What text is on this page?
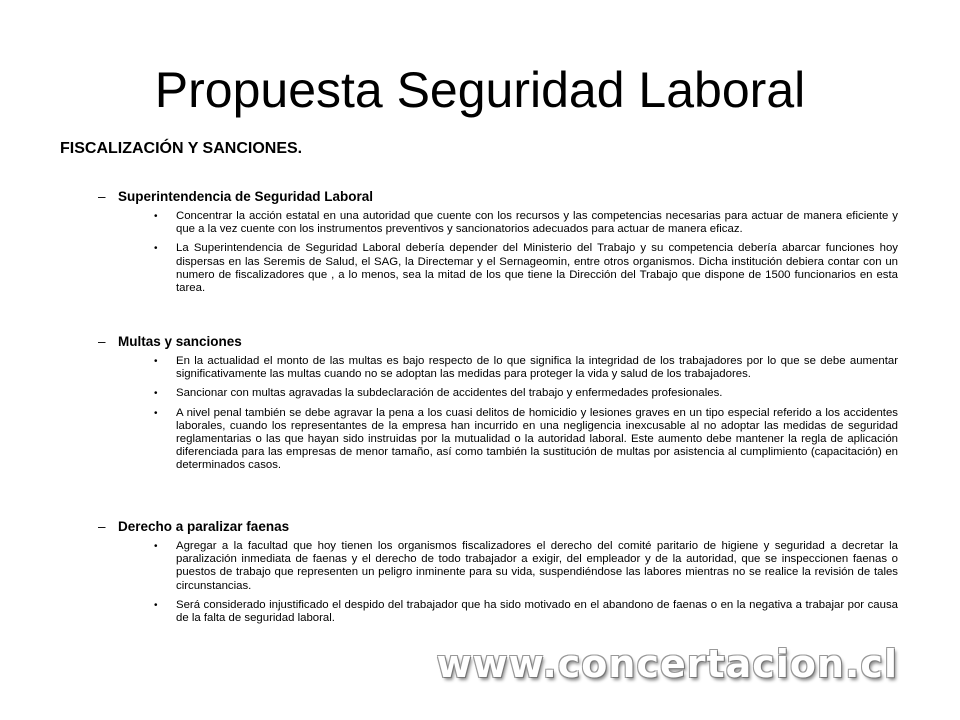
Propuesta Seguridad Laboral

FISCALIZACIÓN Y SANCIONES.

– Superintendencia de Seguridad Laboral

• Concentrar la acción estatal en una autoridad que cuente con los recursos y las competencias necesarias para actuar de manera eficiente y que a la vez cuente con los instrumentos preventivos y sancionatorios adecuados para actuar de manera eficaz.
• La Superintendencia de Seguridad Laboral debería depender del Ministerio del Trabajo y su competencia debería abarcar funciones hoy dispersas en las Seremis de Salud, el SAG, la Directemar y el Sernageomin, entre otros organismos. Dicha institución debiera contar con un numero de fiscalizadores que , a lo menos, sea la mitad de los que tiene la Dirección del Trabajo que dispone de 1500 funcionarios en esta tarea.

– Multas y sanciones

• En la actualidad el monto de las multas es bajo respecto de lo que significa la integridad de los trabajadores por lo que se debe aumentar significativamente las multas cuando no se adoptan las medidas para proteger la vida y salud de los trabajadores.
• Sancionar con multas agravadas la subdeclaración de accidentes del trabajo y enfermedades profesionales.
• A nivel penal también se debe agravar la pena a los cuasi delitos de homicidio y lesiones graves en un tipo especial referido a los accidentes laborales, cuando los representantes de la empresa han incurrido en una negligencia inexcusable al no adoptar las medidas de seguridad reglamentarias o las que hayan sido instruidas por la mutualidad o la autoridad laboral. Este aumento debe mantener la regla de aplicación diferenciada para las empresas de menor tamaño, así como también la sustitución de multas por asistencia al cumplimiento (capacitación) en determinados casos.

– Derecho a paralizar faenas

• Agregar a la facultad que hoy tienen los organismos fiscalizadores el derecho del comité paritario de higiene y seguridad a decretar la paralización inmediata de faenas y el derecho de todo trabajador a exigir, del empleador y de la autoridad, que se inspeccionen faenas o puestos de trabajo que representen un peligro inminente para su vida, suspendiéndose las labores mientras no se realice la revisión de tales circunstancias.
• Será considerado injustificado el despido del trabajador que ha sido motivado en el abandono de faenas o en la negativa a trabajar por causa de la falta de seguridad laboral.
www.concertacion.cl
